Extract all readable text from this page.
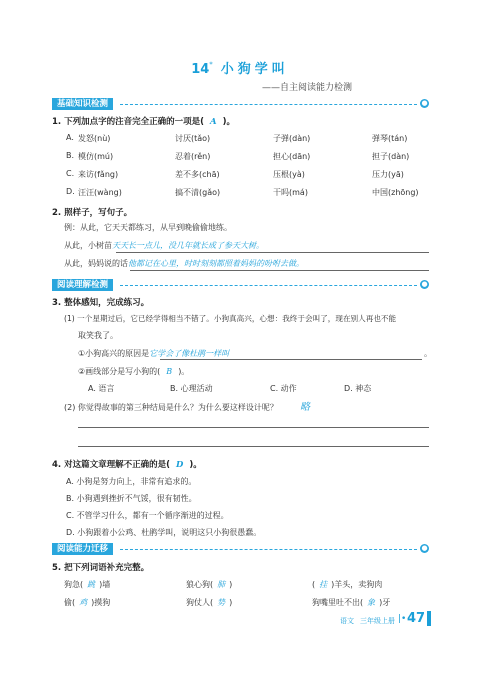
14* 小狗学叫
——自主阅读能力检测
基础知识检测	●
1. 下列加点字的注音完全正确的一项是( A )。
A. 发怒(nù)	讨厌(tǎo)	子弹(dàn)	弹琴(tán)
B. 模仿(mú)	忍着(rěn)	担心(dān)	担子(dàn)
C. 来访(fǎng)	差不多(chā)	压根(yà)	压力(yā)
D. 汪汪(wàng)	搞不清(gǎo)	干吗(má)	中国(zhōng)
2. 照样子，写句子。
例：从此，它天天都练习，从早到晚偷偷地练。
从此，小树苗天天长一点儿，没几年就长成了参天大树。
从此，妈妈说的话他都记在心里，时时刻刻都照着妈妈的吩咐去做。
阅读理解检测	●
3. 整体感知，完成练习。
(1) 一个星期过后，它已经学得相当不错了。小狗真高兴，心想：我终于会叫了，现在别人再也不能
取笑我了。
①小狗高兴的原因是它学会了像杜鹃一样叫	。
②画线部分是写小狗的( B )。
A. 语言	B. 心理活动	C. 动作	D. 神态
(2) 你觉得故事的第三种结局是什么？为什么要这样设计呢？ 略
4. 对这篇文章理解不正确的是( D )。
A. 小狗是努力向上，非常有追求的。
B. 小狗遇到挫折不气馁，很有韧性。
C. 不管学习什么，都有一个循序渐进的过程。
D. 小狗跟着小公鸡、杜鹃学叫，说明这只小狗很愚蠢。
阅读能力迁移	●
5. 把下列词语补充完整。
狗急( 跳 )墙	狼心狗( 肺 )	( 挂 )羊头，卖狗肉
偷( 鸡 )摸狗	狗仗人( 势 )	狗嘴里吐不出( 象 )牙
语文 三年级上册 |• 47
